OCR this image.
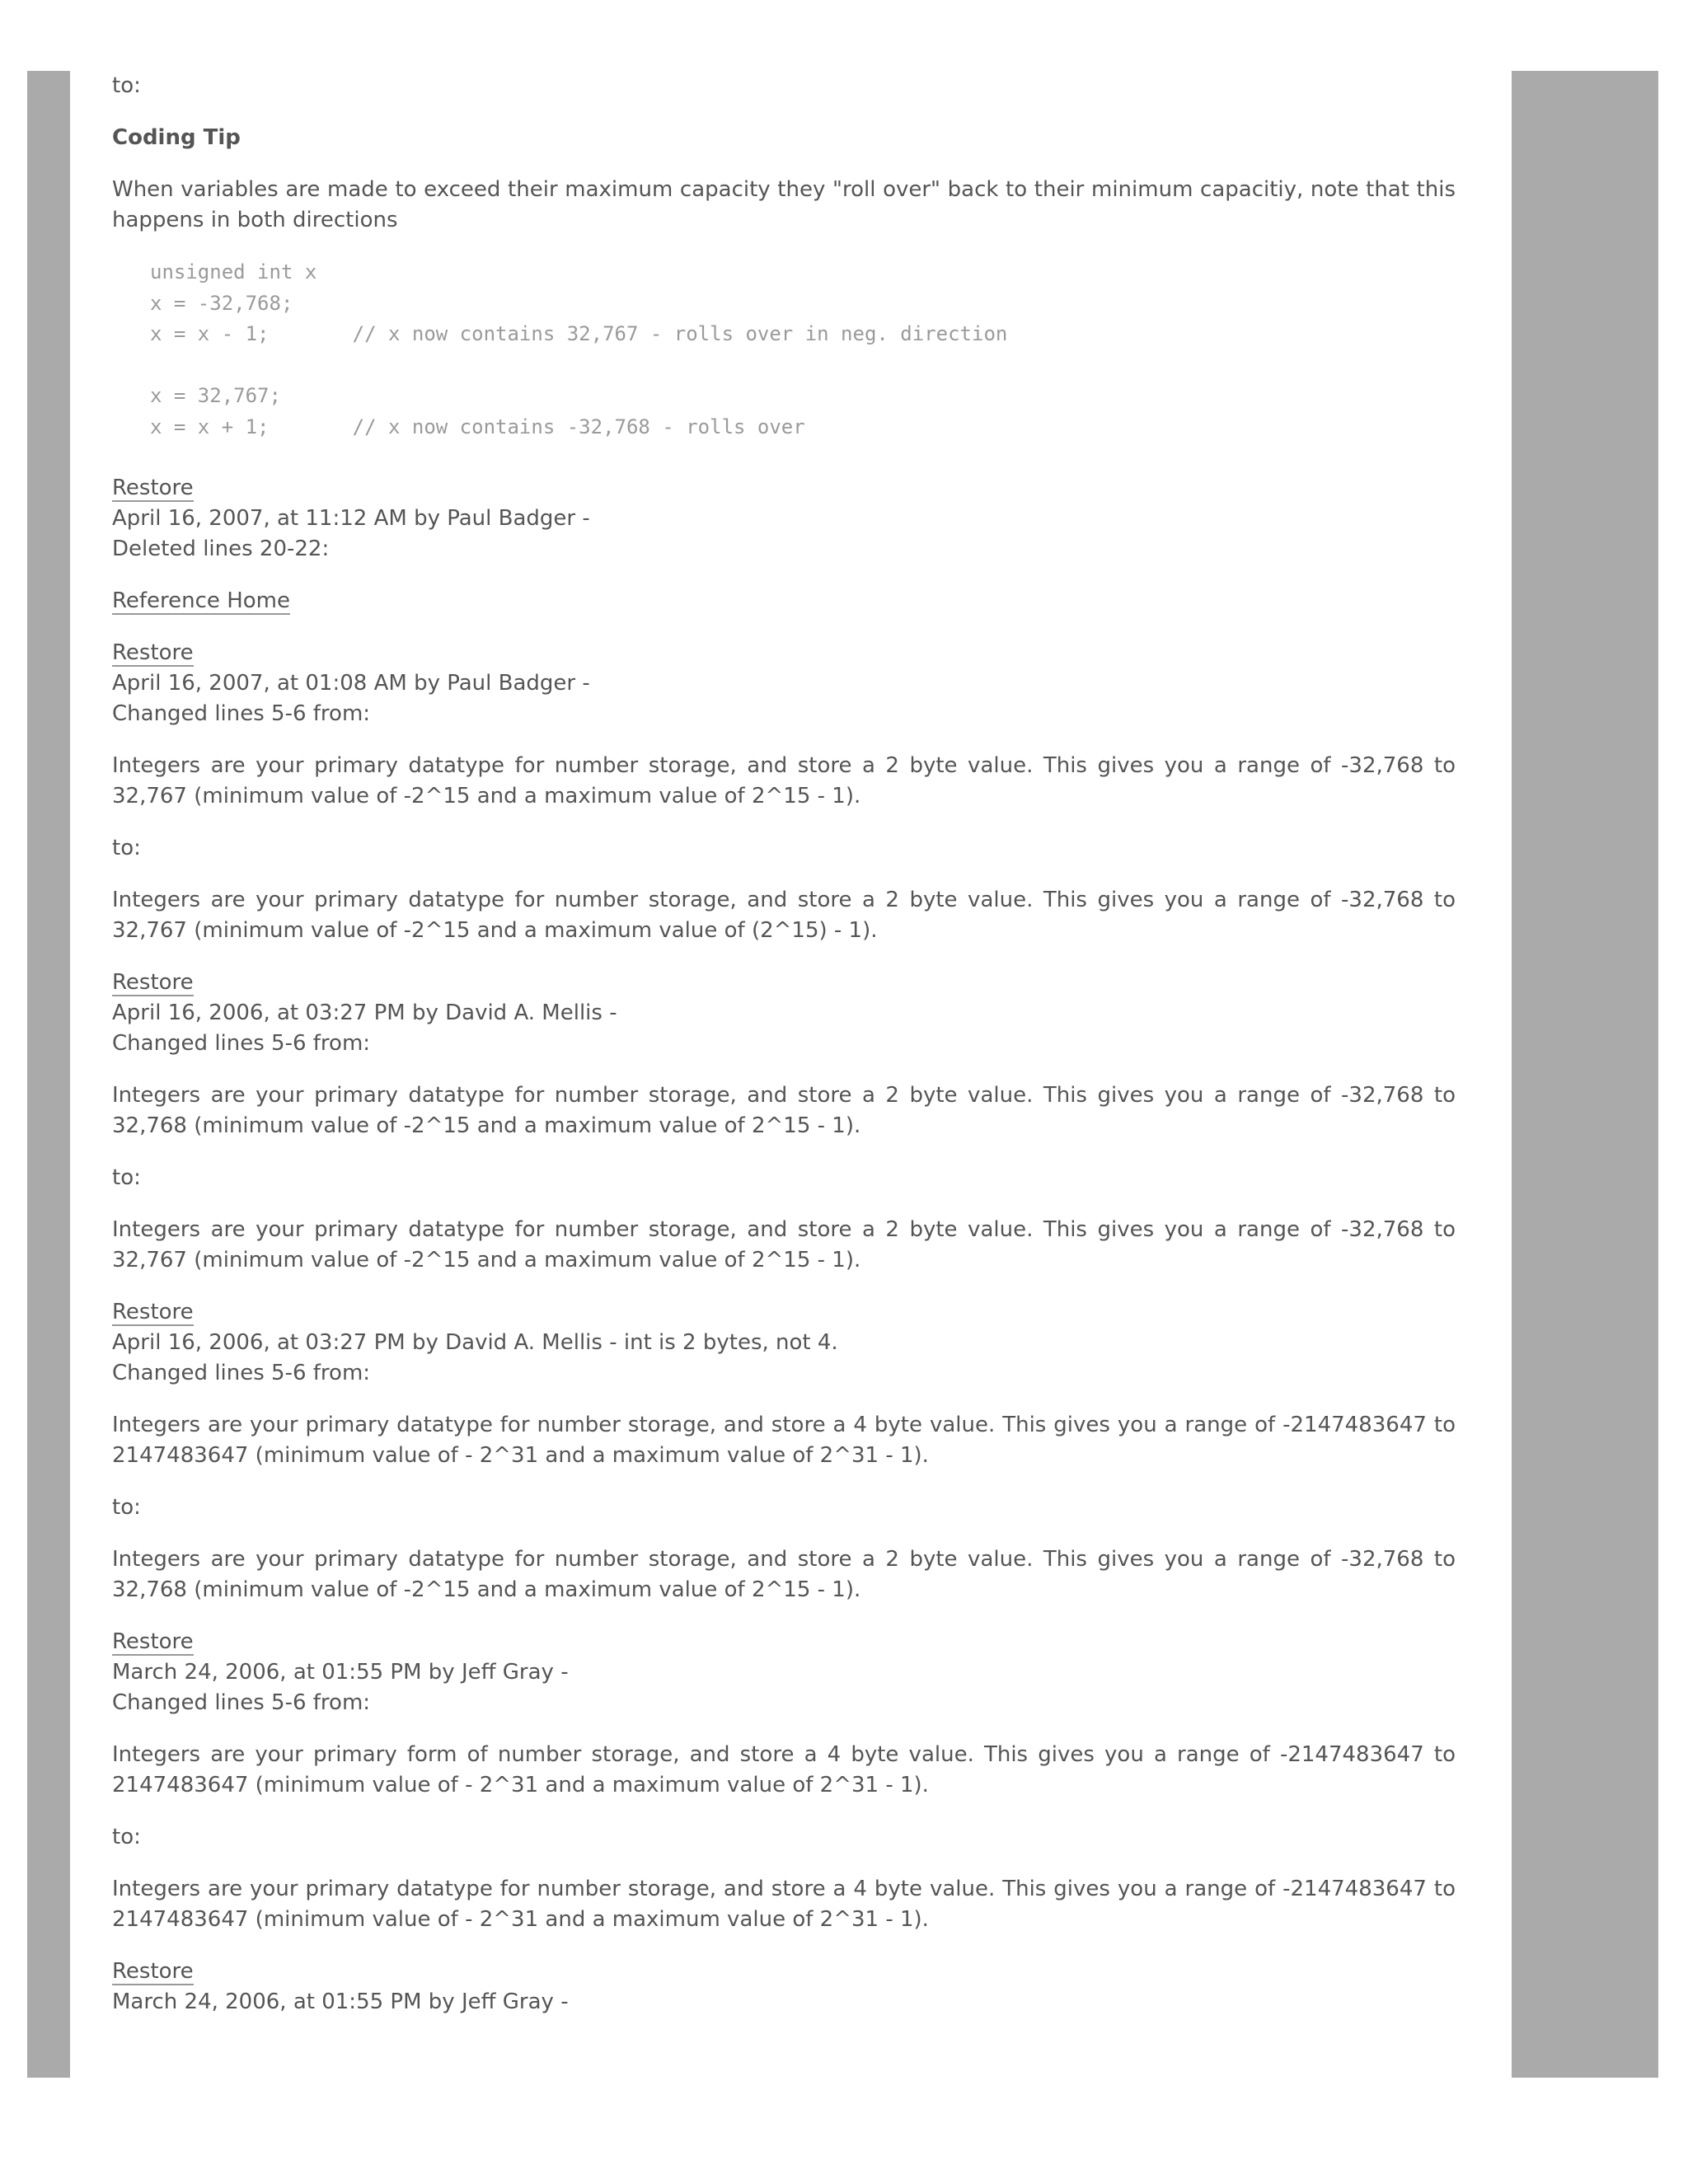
to:

Coding Tip

When variables are made to exceed their maximum capacity they "roll over" back to their minimum capacitiy, note that this happens in both directions

unsigned int x
x = -32,768;
x = x - 1;       // x now contains 32,767 - rolls over in neg. direction

x = 32,767;
x = x + 1;       // x now contains -32,768 - rolls over
Restore
April 16, 2007, at 11:12 AM by Paul Badger -
Deleted lines 20-22:

Reference Home

Restore
April 16, 2007, at 01:08 AM by Paul Badger -
Changed lines 5-6 from:

Integers are your primary datatype for number storage, and store a 2 byte value. This gives you a range of -32,768 to 32,767 (minimum value of -2^15 and a maximum value of 2^15 - 1).

to:

Integers are your primary datatype for number storage, and store a 2 byte value. This gives you a range of -32,768 to 32,767 (minimum value of -2^15 and a maximum value of (2^15) - 1).

Restore
April 16, 2006, at 03:27 PM by David A. Mellis -
Changed lines 5-6 from:

Integers are your primary datatype for number storage, and store a 2 byte value. This gives you a range of -32,768 to 32,768 (minimum value of -2^15 and a maximum value of 2^15 - 1).

to:

Integers are your primary datatype for number storage, and store a 2 byte value. This gives you a range of -32,768 to 32,767 (minimum value of -2^15 and a maximum value of 2^15 - 1).

Restore
April 16, 2006, at 03:27 PM by David A. Mellis - int is 2 bytes, not 4.
Changed lines 5-6 from:

Integers are your primary datatype for number storage, and store a 4 byte value. This gives you a range of -2147483647 to 2147483647 (minimum value of - 2^31 and a maximum value of 2^31 - 1).

to:

Integers are your primary datatype for number storage, and store a 2 byte value. This gives you a range of -32,768 to 32,768 (minimum value of -2^15 and a maximum value of 2^15 - 1).

Restore
March 24, 2006, at 01:55 PM by Jeff Gray -
Changed lines 5-6 from:

Integers are your primary form of number storage, and store a 4 byte value. This gives you a range of -2147483647 to 2147483647 (minimum value of - 2^31 and a maximum value of 2^31 - 1).

to:

Integers are your primary datatype for number storage, and store a 4 byte value. This gives you a range of -2147483647 to 2147483647 (minimum value of - 2^31 and a maximum value of 2^31 - 1).

Restore
March 24, 2006, at 01:55 PM by Jeff Gray -
